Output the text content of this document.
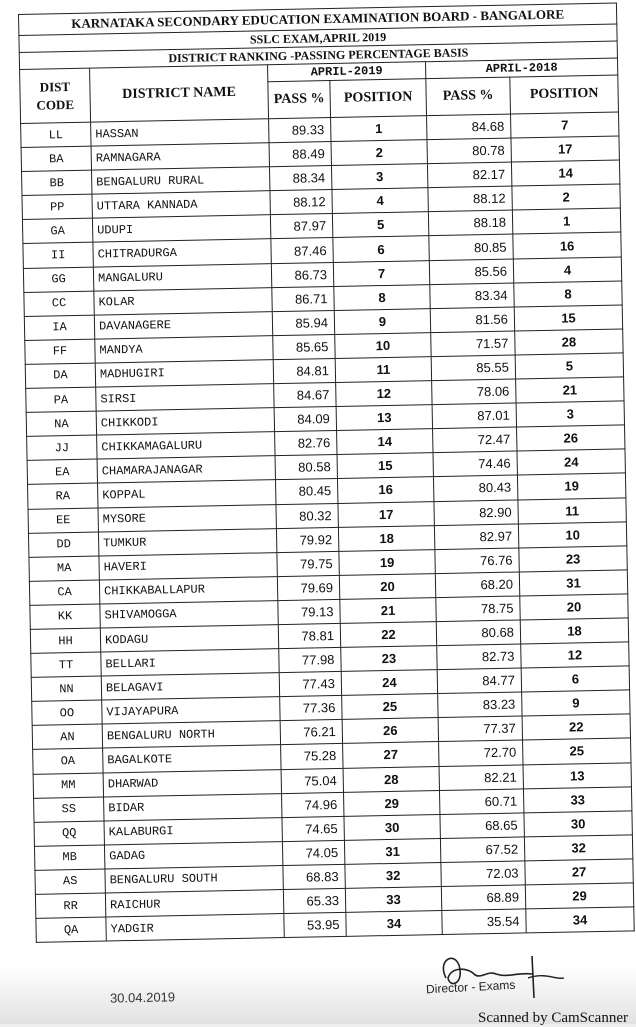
KARNATAKA SECONDARY EDUCATION EXAMINATION BOARD - BANGALORE					
SSLC EXAM,APRIL 2019					
DISTRICT RANKING -PASSING PERCENTAGE BASIS					
DIST
CODE	DISTRICT NAME	APRIL-2019		APRIL-2018	
		PASS %	POSITION	PASS %	POSITION
LL	HASSAN	89.33	1	84.68	7
BA	RAMNAGARA	88.49	2	80.78	17
BB	BENGALURU RURAL	88.34	3	82.17	14
PP	UTTARA KANNADA	88.12	4	88.12	2
GA	UDUPI	87.97	5	88.18	1
II	CHITRADURGA	87.46	6	80.85	16
GG	MANGALURU	86.73	7	85.56	4
CC	KOLAR	86.71	8	83.34	8
IA	DAVANAGERE	85.94	9	81.56	15
FF	MANDYA	85.65	10	71.57	28
DA	MADHUGIRI	84.81	11	85.55	5
PA	SIRSI	84.67	12	78.06	21
NA	CHIKKODI	84.09	13	87.01	3
JJ	CHIKKAMAGALURU	82.76	14	72.47	26
EA	CHAMARAJANAGAR	80.58	15	74.46	24
RA	KOPPAL	80.45	16	80.43	19
EE	MYSORE	80.32	17	82.90	11
DD	TUMKUR	79.92	18	82.97	10
MA	HAVERI	79.75	19	76.76	23
CA	CHIKKABALLAPUR	79.69	20	68.20	31
KK	SHIVAMOGGA	79.13	21	78.75	20
HH	KODAGU	78.81	22	80.68	18
TT	BELLARI	77.98	23	82.73	12
NN	BELAGAVI	77.43	24	84.77	6
OO	VIJAYAPURA	77.36	25	83.23	9
AN	BENGALURU NORTH	76.21	26	77.37	22
OA	BAGALKOTE	75.28	27	72.70	25
MM	DHARWAD	75.04	28	82.21	13
SS	BIDAR	74.96	29	60.71	33
QQ	KALABURGI	74.65	30	68.65	30
MB	GADAG	74.05	31	67.52	32
AS	BENGALURU SOUTH	68.83	32	72.03	27
RR	RAICHUR	65.33	33	68.89	29
QA	YADGIR	53.95	34	35.54	34
30.04.2019
Director - Exams
Scanned by CamScanner
